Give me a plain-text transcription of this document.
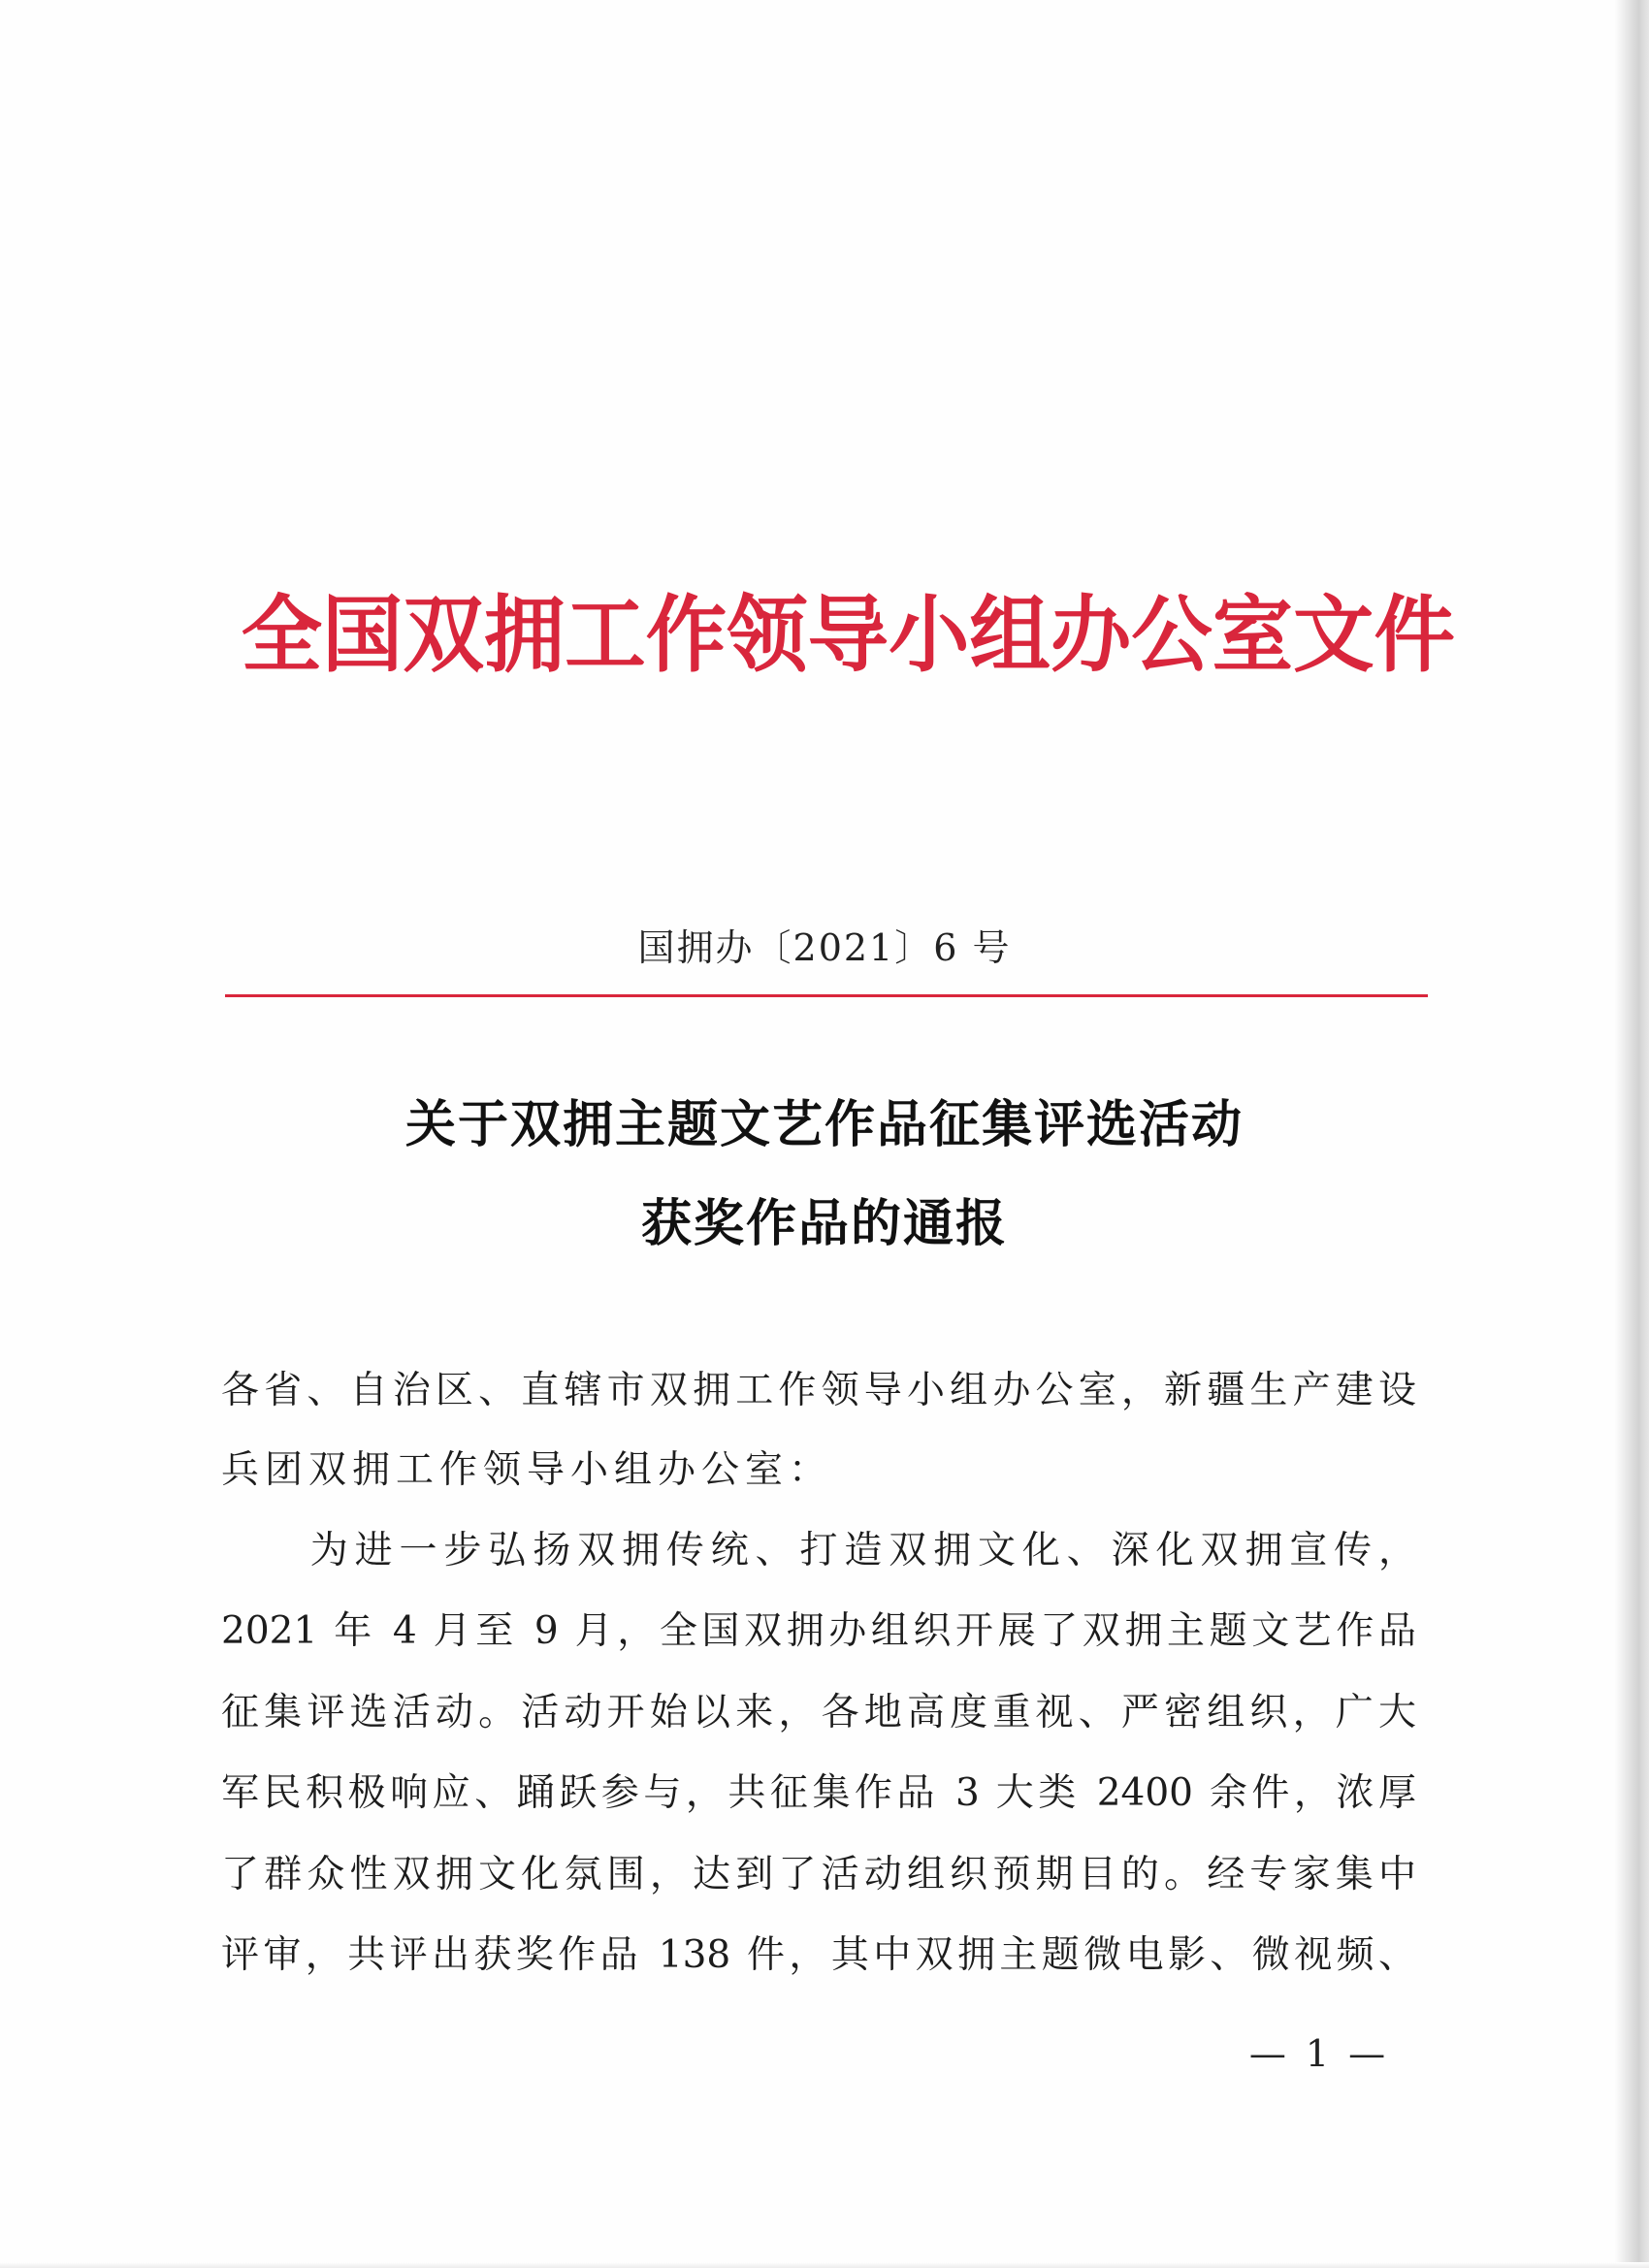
全国双拥工作领导小组办公室文件
国拥办〔2021〕6 号
关于双拥主题文艺作品征集评选活动
获奖作品的通报
各省、自治区、直辖市双拥工作领导小组办公室，新疆生产建设
兵团双拥工作领导小组办公室：
　　为进一步弘扬双拥传统、打造双拥文化、深化双拥宣传，
2021 年 4 月至 9 月，全国双拥办组织开展了双拥主题文艺作品
征集评选活动。活动开始以来，各地高度重视、严密组织，广大
军民积极响应、踊跃参与，共征集作品 3 大类 2400 余件，浓厚
了群众性双拥文化氛围，达到了活动组织预期目的。经专家集中
评审，共评出获奖作品 138 件，其中双拥主题微电影、微视频、
— 1 —
